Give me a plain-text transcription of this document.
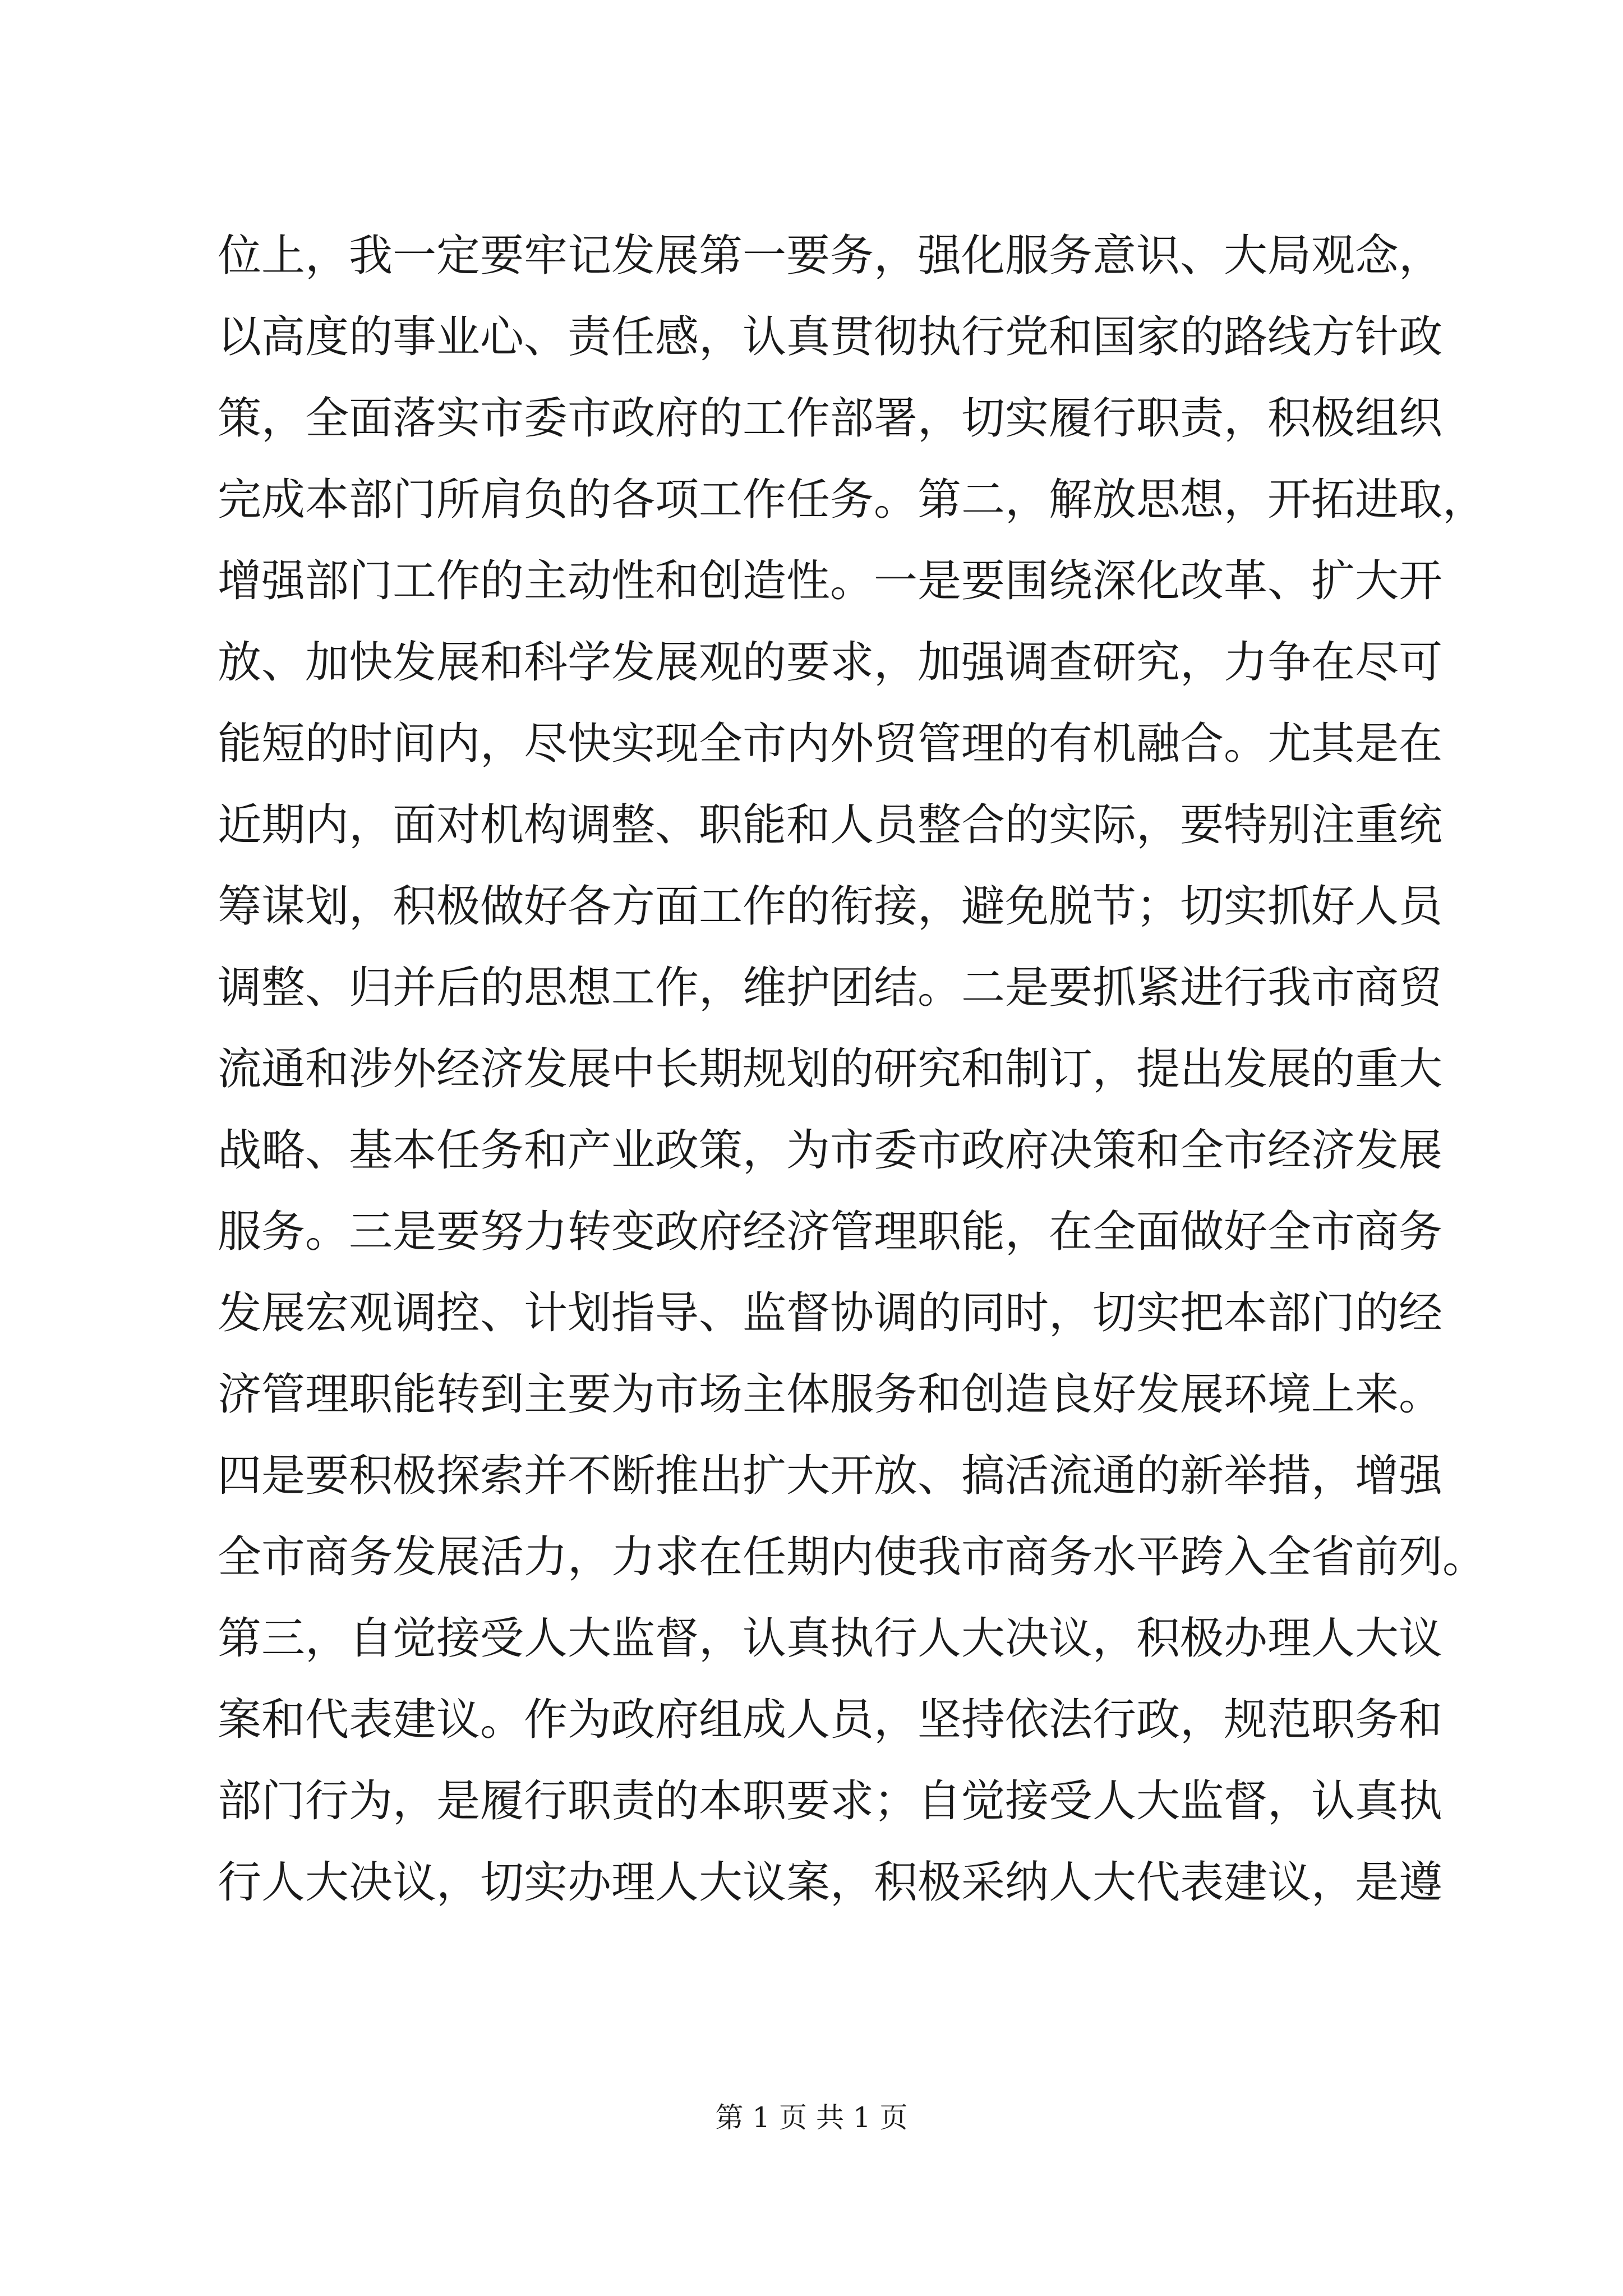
位上，我一定要牢记发展第一要务，强化服务意识、大局观念，
以高度的事业心、责任感，认真贯彻执行党和国家的路线方针政
策，全面落实市委市政府的工作部署，切实履行职责，积极组织
完成本部门所肩负的各项工作任务。第二，解放思想，开拓进取，
增强部门工作的主动性和创造性。一是要围绕深化改革、扩大开
放、加快发展和科学发展观的要求，加强调查研究，力争在尽可
能短的时间内，尽快实现全市内外贸管理的有机融合。尤其是在
近期内，面对机构调整、职能和人员整合的实际，要特别注重统
筹谋划，积极做好各方面工作的衔接，避免脱节；切实抓好人员
调整、归并后的思想工作，维护团结。二是要抓紧进行我市商贸
流通和涉外经济发展中长期规划的研究和制订，提出发展的重大
战略、基本任务和产业政策，为市委市政府决策和全市经济发展
服务。三是要努力转变政府经济管理职能，在全面做好全市商务
发展宏观调控、计划指导、监督协调的同时，切实把本部门的经
济管理职能转到主要为市场主体服务和创造良好发展环境上来。
四是要积极探索并不断推出扩大开放、搞活流通的新举措，增强
全市商务发展活力，力求在任期内使我市商务水平跨入全省前列。
第三，自觉接受人大监督，认真执行人大决议，积极办理人大议
案和代表建议。作为政府组成人员，坚持依法行政，规范职务和
部门行为，是履行职责的本职要求；自觉接受人大监督，认真执
行人大决议，切实办理人大议案，积极采纳人大代表建议，是遵
第 1 页 共 1 页
